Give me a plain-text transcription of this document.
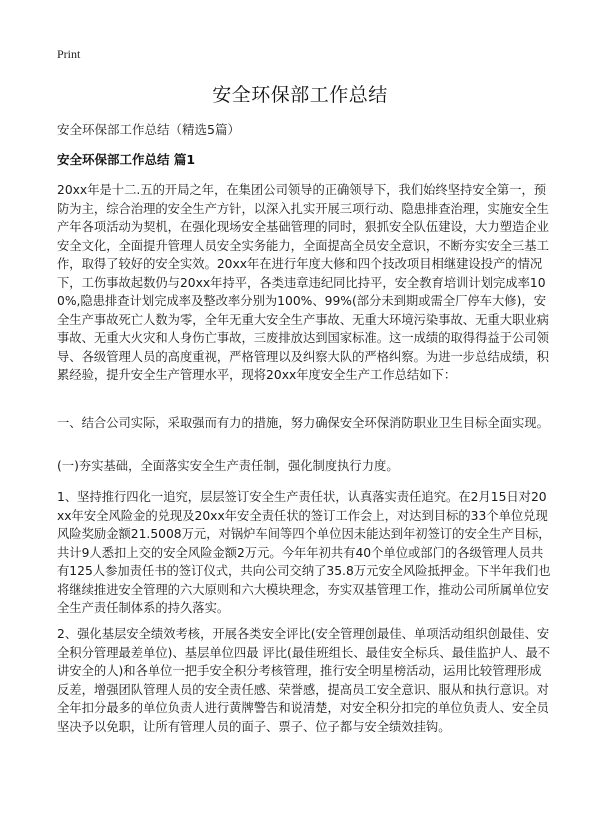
Print
安全环保部工作总结
安全环保部工作总结（精选5篇）
安全环保部工作总结 篇1

20xx年是十二.五的开局之年，在集团公司领导的正确领导下，我们始终坚持安全第一，预防为主，综合治理的安全生产方针，以深入扎实开展三项行动、隐患排查治理，实施安全生产年各项活动为契机，在强化现场安全基础管理的同时，狠抓安全队伍建设，大力塑造企业安全文化，全面提升管理人员安全实务能力，全面提高全员安全意识，不断夯实安全三基工作，取得了较好的安全实效。20xx年在进行年度大修和四个技改项目相继建设投产的情况下，工伤事故起数仍与20xx年持平，各类违章违纪同比持平，安全教育培训计划完成率100%,隐患排查计划完成率及整改率分别为100%、99%(部分未到期或需全厂停车大修)，安全生产事故死亡人数为零，全年无重大安全生产事故、无重大环境污染事故、无重大职业病事故、无重大火灾和人身伤亡事故，三废排放达到国家标准。这一成绩的取得得益于公司领导、各级管理人员的高度重视，严格管理以及纠察大队的严格纠察。为进一步总结成绩，积累经验，提升安全生产管理水平，现将20xx年度安全生产工作总结如下：

一、结合公司实际，采取强而有力的措施，努力确保安全环保消防职业卫生目标全面实现。

(一)夯实基础，全面落实安全生产责任制，强化制度执行力度。

1、坚持推行四化一追究，层层签订安全生产责任状，认真落实责任追究。在2月15日对20xx年安全风险金的兑现及20xx年安全责任状的签订工作会上，对达到目标的33个单位兑现风险奖励金额21.5008万元，对锅炉车间等四个单位因未能达到年初签订的安全生产目标，共计9人悉扣上交的安全风险金额2万元。今年年初共有40个单位或部门的各级管理人员共有125人参加责任书的签订仪式，共向公司交纳了35.8万元安全风险抵押金。下半年我们也将继续推进安全管理的六大原则和六大模块理念，夯实双基管理工作，推动公司所属单位安全生产责任制体系的持久落实。

2、强化基层安全绩效考核，开展各类安全评比(安全管理创最佳、单项活动组织创最佳、安全积分管理最差单位)、基层单位四最 评比(最佳班组长、最佳安全标兵、最佳监护人、最不讲安全的人)和各单位一把手安全积分考核管理，推行安全明星榜活动，运用比较管理形成反差，增强团队管理人员的安全责任感、荣誉感，提高员工安全意识、服从和执行意识。对全年扣分最多的单位负责人进行黄牌警告和说清楚，对安全积分扣完的单位负责人、安全员坚决予以免职，让所有管理人员的面子、票子、位子都与安全绩效挂钩。
